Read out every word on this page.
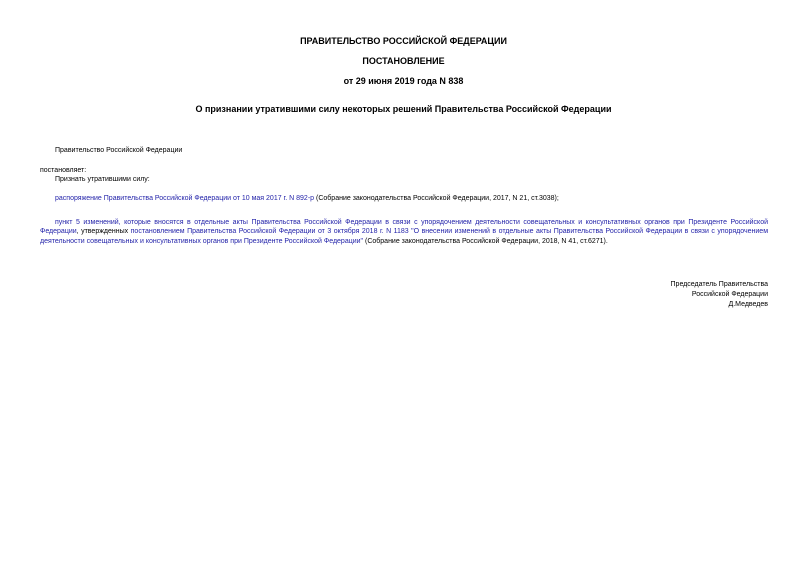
ПРАВИТЕЛЬСТВО РОССИЙСКОЙ ФЕДЕРАЦИИ
ПОСТАНОВЛЕНИЕ
от 29 июня 2019 года N 838
О признании утратившими силу некоторых решений Правительства Российской Федерации
Правительство Российской Федерации
постановляет:
Признать утратившими силу:
распоряжение Правительства Российской Федерации от 10 мая 2017 г. N 892-р (Собрание законодательства Российской Федерации, 2017, N 21, ст.3038);
пункт 5 изменений, которые вносятся в отдельные акты Правительства Российской Федерации в связи с упорядочением деятельности совещательных и консультативных органов при Президенте Российской Федерации, утвержденных постановлением Правительства Российской Федерации от 3 октября 2018 г. N 1183 "О внесении изменений в отдельные акты Правительства Российской Федерации в связи с упорядочением деятельности совещательных и консультативных органов при Президенте Российской Федерации" (Собрание законодательства Российской Федерации, 2018, N 41, ст.6271).
Председатель Правительства
Российской Федерации
Д.Медведев
